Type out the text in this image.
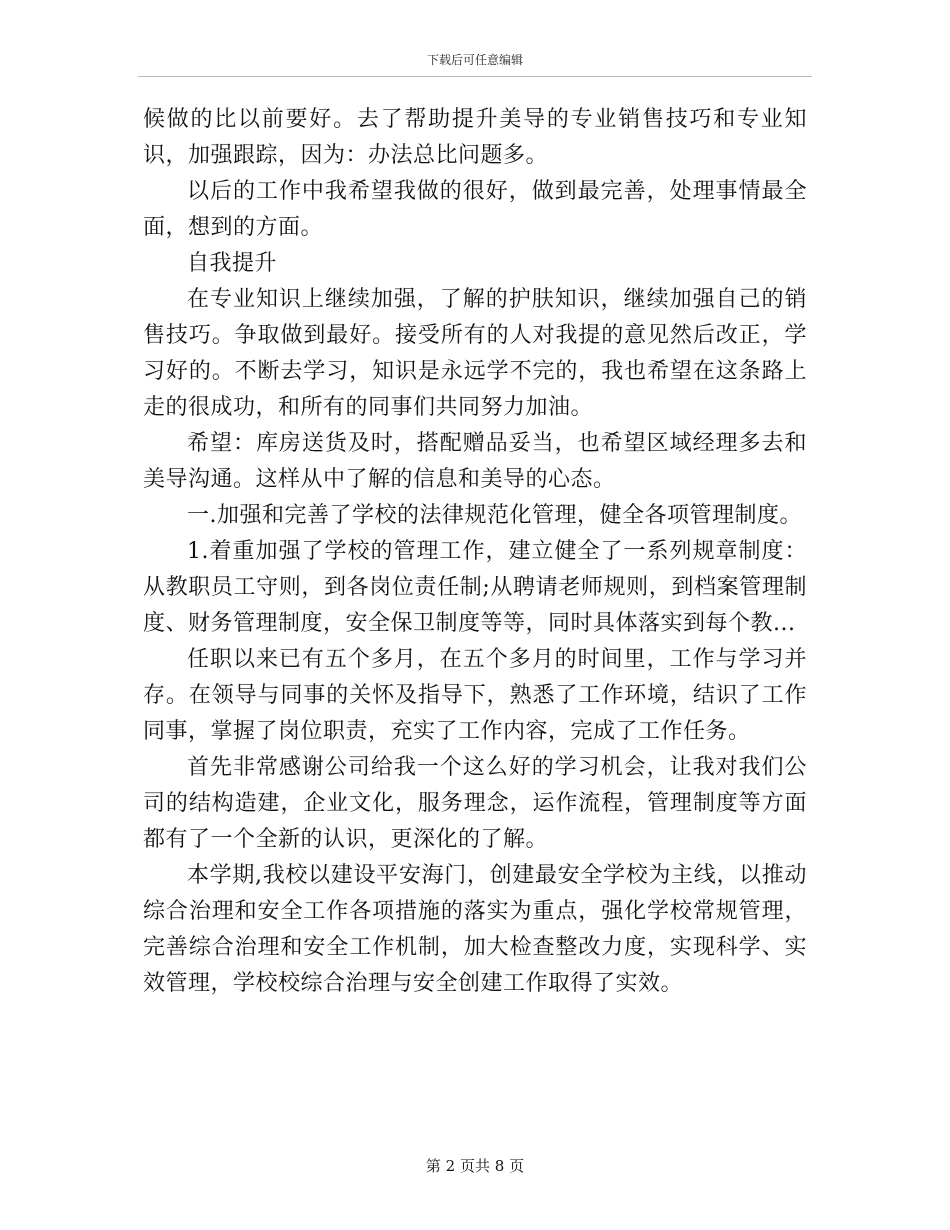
下载后可任意编辑

候做的比以前要好。去了帮助提升美导的专业销售技巧和专业知识，加强跟踪，因为：办法总比问题多。

以后的工作中我希望我做的很好，做到最完善，处理事情最全面，想到的方面。

自我提升

在专业知识上继续加强，了解的护肤知识，继续加强自己的销售技巧。争取做到最好。接受所有的人对我提的意见然后改正，学习好的。不断去学习，知识是永远学不完的，我也希望在这条路上走的很成功，和所有的同事们共同努力加油。

希望：库房送货及时，搭配赠品妥当，也希望区域经理多去和美导沟通。这样从中了解的信息和美导的心态。

一.加强和完善了学校的法律规范化管理，健全各项管理制度。

1.着重加强了学校的管理工作，建立健全了一系列规章制度：从教职员工守则，到各岗位责任制;从聘请老师规则，到档案管理制度、财务管理制度，安全保卫制度等等，同时具体落实到每个教...

任职以来已有五个多月，在五个多月的时间里，工作与学习并存。在领导与同事的关怀及指导下，熟悉了工作环境，结识了工作同事，掌握了岗位职责，充实了工作内容，完成了工作任务。

首先非常感谢公司给我一个这么好的学习机会，让我对我们公司的结构造建，企业文化，服务理念，运作流程，管理制度等方面都有了一个全新的认识，更深化的了解。

本学期,我校以建设平安海门，创建最安全学校为主线，以推动综合治理和安全工作各项措施的落实为重点，强化学校常规管理，完善综合治理和安全工作机制，加大检查整改力度，实现科学、实效管理，学校校综合治理与安全创建工作取得了实效。

第 2 页共 8 页
